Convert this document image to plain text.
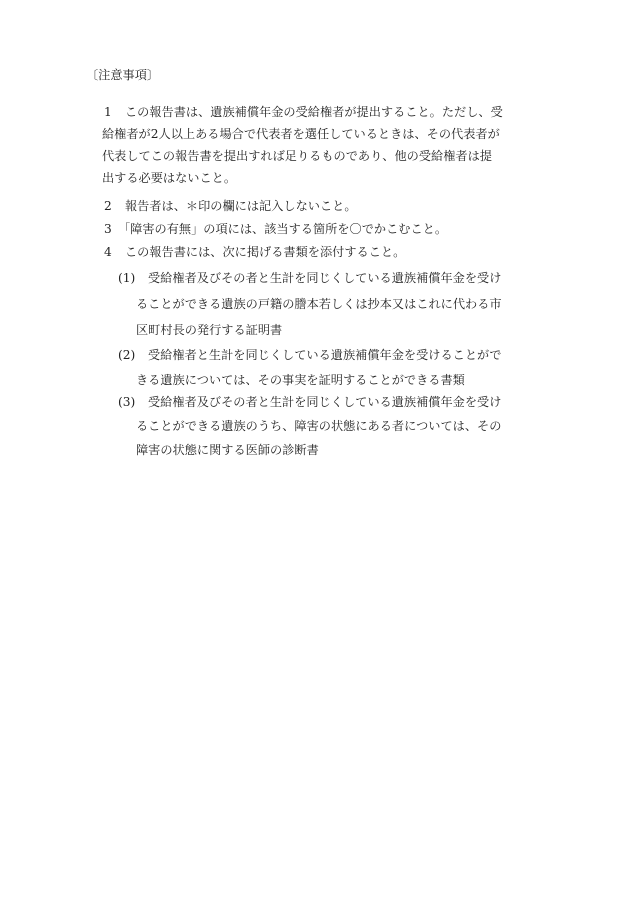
〔注意事項〕
1 この報告書は、遺族補償年金の受給権者が提出すること。ただし、受
給権者が2人以上ある場合で代表者を選任しているときは、その代表者が
代表してこの報告書を提出すれば足りるものであり、他の受給権者は提
出する必要はないこと。
2 報告者は、＊印の欄には記入しないこと。
3 「障害の有無」の項には、該当する箇所を〇でかこむこと。
4 この報告書には、次に掲げる書類を添付すること。
(1) 受給権者及びその者と生計を同じくしている遺族補償年金を受け
ることができる遺族の戸籍の謄本若しくは抄本又はこれに代わる市
区町村長の発行する証明書
(2) 受給権者と生計を同じくしている遺族補償年金を受けることがで
きる遺族については、その事実を証明することができる書類
(3) 受給権者及びその者と生計を同じくしている遺族補償年金を受け
ることができる遺族のうち、障害の状態にある者については、その
障害の状態に関する医師の診断書
